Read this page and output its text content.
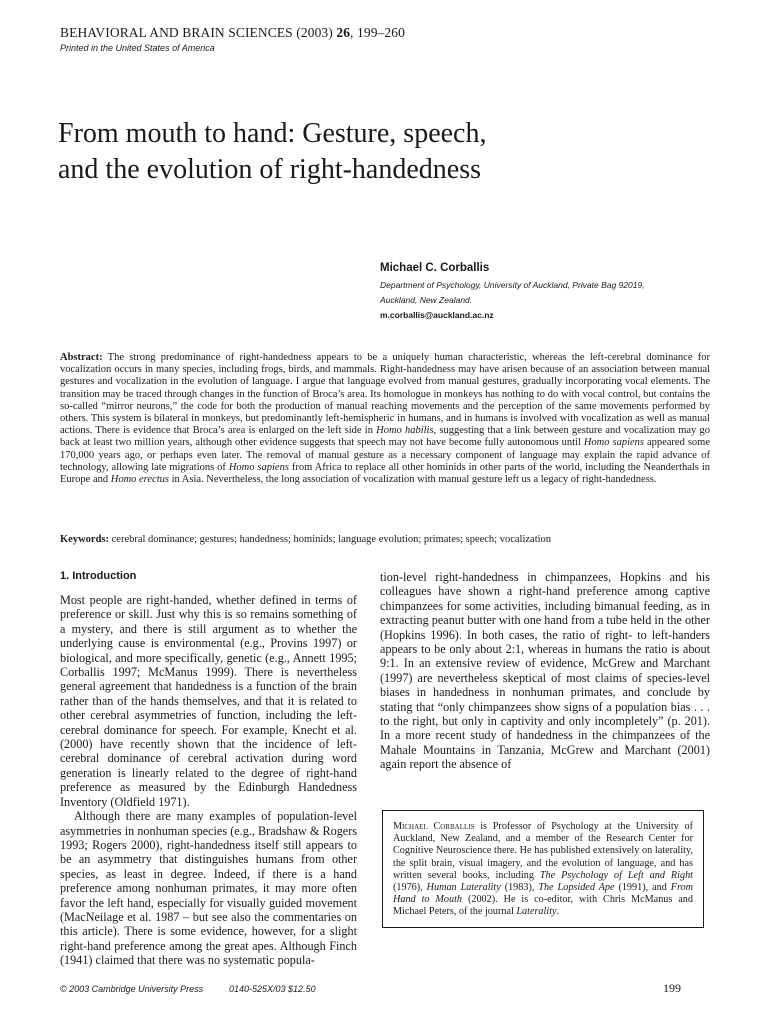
BEHAVIORAL AND BRAIN SCIENCES (2003) 26, 199–260
Printed in the United States of America
From mouth to hand: Gesture, speech, and the evolution of right-handedness

Michael C. Corballis

Department of Psychology, University of Auckland, Private Bag 92019,

Auckland, New Zealand.

m.corballis@auckland.ac.nz

Abstract: The strong predominance of right-handedness appears to be a uniquely human characteristic, whereas the left-cerebral dominance for vocalization occurs in many species, including frogs, birds, and mammals. Right-handedness may have arisen because of an association between manual gestures and vocalization in the evolution of language. I argue that language evolved from manual gestures, gradually incorporating vocal elements. The transition may be traced through changes in the function of Broca’s area. Its homologue in monkeys has nothing to do with vocal control, but contains the so-called “mirror neurons,” the code for both the production of manual reaching movements and the perception of the same movements performed by others. This system is bilateral in monkeys, but predominantly left-hemispheric in humans, and in humans is involved with vocalization as well as manual actions. There is evidence that Broca’s area is enlarged on the left side in Homo habilis, suggesting that a link between gesture and vocalization may go back at least two million years, although other evidence suggests that speech may not have become fully autonomous until Homo sapiens appeared some 170,000 years ago, or perhaps even later. The removal of manual gesture as a necessary component of language may explain the rapid advance of technology, allowing late migrations of Homo sapiens from Africa to replace all other hominids in other parts of the world, including the Neanderthals in Europe and Homo erectus in Asia. Nevertheless, the long association of vocalization with manual gesture left us a legacy of right-handedness.

Keywords: cerebral dominance; gestures; handedness; hominids; language evolution; primates; speech; vocalization

1. Introduction

Most people are right-handed, whether defined in terms of preference or skill. Just why this is so remains something of a mystery, and there is still argument as to whether the underlying cause is environmental (e.g., Provins 1997) or biological, and more specifically, genetic (e.g., Annett 1995; Corballis 1997; McManus 1999). There is nevertheless general agreement that handedness is a function of the brain rather than of the hands themselves, and that it is related to other cerebral asymmetries of function, including the left-cerebral dominance for speech. For example, Knecht et al. (2000) have recently shown that the incidence of left-cerebral dominance of cerebral activation during word generation is linearly related to the degree of right-hand preference as measured by the Edinburgh Handedness Inventory (Oldfield 1971).

Although there are many examples of population-level asymmetries in nonhuman species (e.g., Bradshaw & Rogers 1993; Rogers 2000), right-handedness itself still appears to be an asymmetry that distinguishes humans from other species, as least in degree. Indeed, if there is a hand preference among nonhuman primates, it may more often favor the left hand, especially for visually guided movement (MacNeilage et al. 1987 – but see also the commentaries on this article). There is some evidence, however, for a slight right-hand preference among the great apes. Although Finch (1941) claimed that there was no systematic popula-

tion-level right-handedness in chimpanzees, Hopkins and his colleagues have shown a right-hand preference among captive chimpanzees for some activities, including bimanual feeding, as in extracting peanut butter with one hand from a tube held in the other (Hopkins 1996). In both cases, the ratio of right- to left-handers appears to be only about 2:1, whereas in humans the ratio is about 9:1. In an extensive review of evidence, McGrew and Marchant (1997) are nevertheless skeptical of most claims of species-level biases in handedness in nonhuman primates, and conclude by stating that “only chimpanzees show signs of a population bias . . . to the right, but only in captivity and only incompletely” (p. 201). In a more recent study of handedness in the chimpanzees of the Mahale Mountains in Tanzania, McGrew and Marchant (2001) again report the absence of

Michael Corballis is Professor of Psychology at the University of Auckland, New Zealand, and a member of the Research Center for Cognitive Neuroscience there. He has published extensively on laterality, the split brain, visual imagery, and the evolution of language, and has written several books, including The Psychology of Left and Right (1976), Human Laterality (1983), The Lopsided Ape (1991), and From Hand to Mouth (2002). He is co-editor, with Chris McManus and Michael Peters, of the journal Laterality.

© 2003 Cambridge University Press	0140-525X/03 $12.50	199
